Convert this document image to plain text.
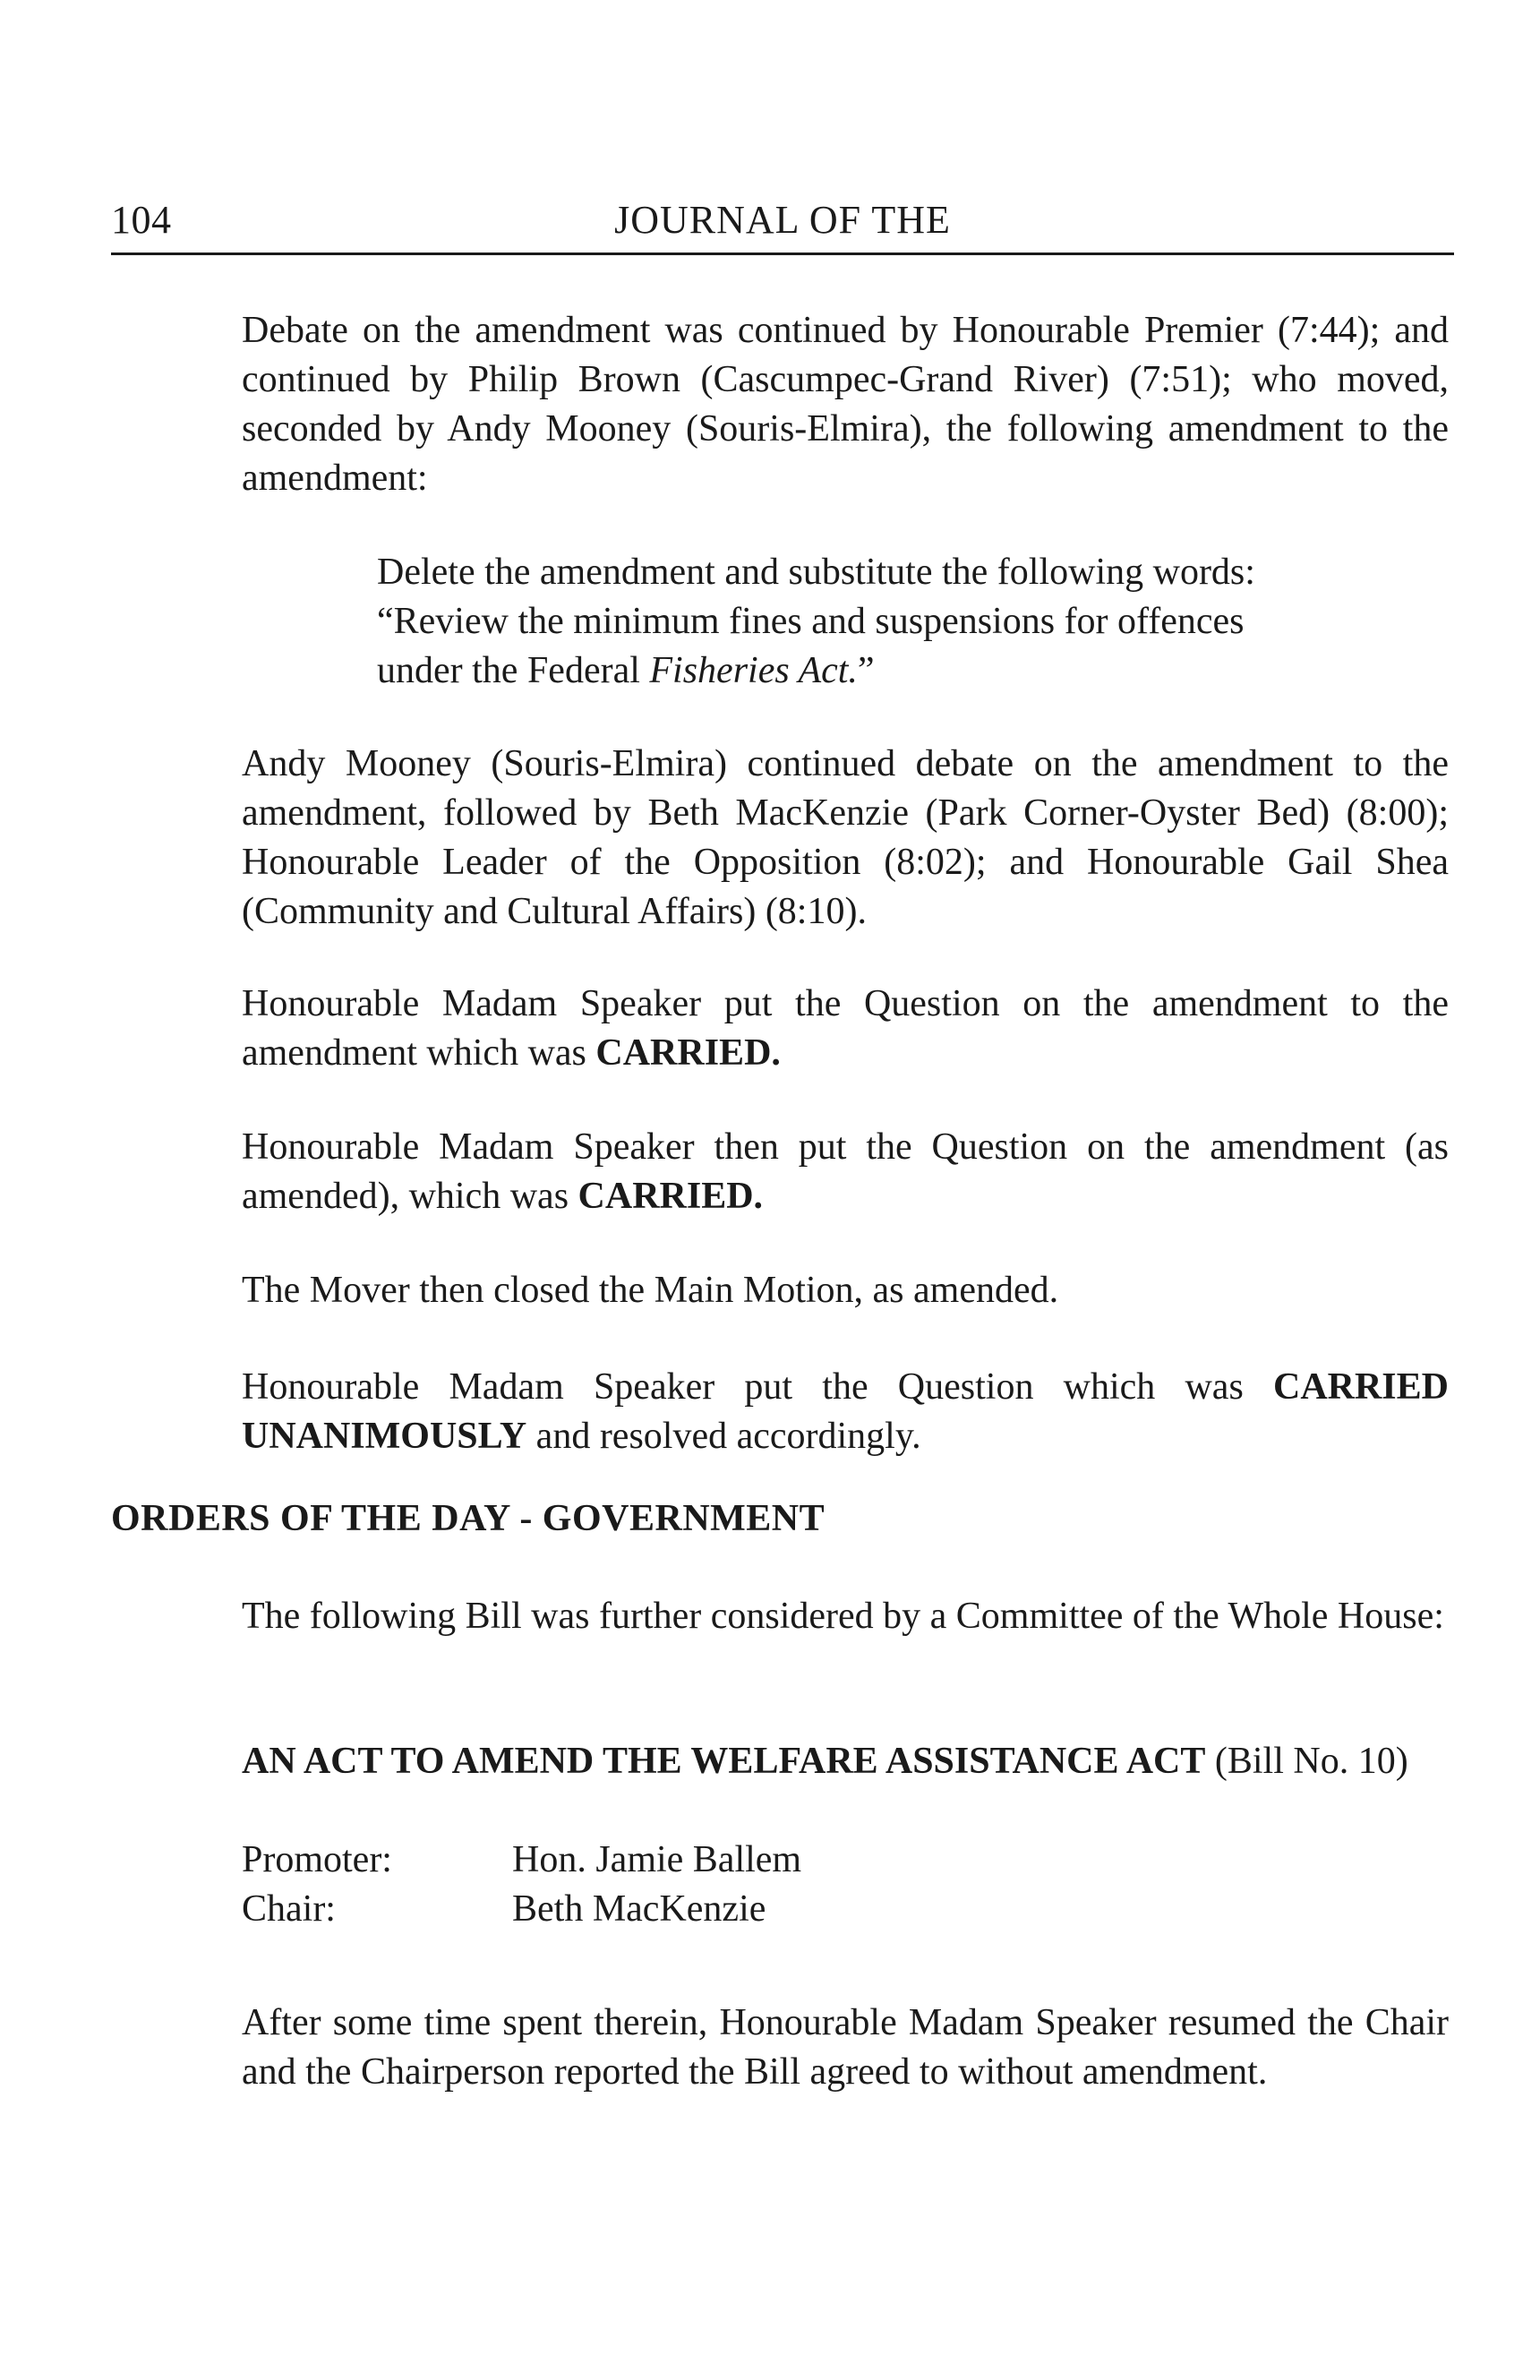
104	JOURNAL OF THE

Debate on the amendment was continued by Honourable Premier (7:44); and continued by Philip Brown (Cascumpec-Grand River) (7:51); who moved, seconded by Andy Mooney (Souris-Elmira), the following amendment to the amendment:

Delete the amendment and substitute the following words:
“Review the minimum fines and suspensions for offences
under the Federal Fisheries Act.”

Andy Mooney (Souris-Elmira) continued debate on the amendment to the amendment, followed by Beth MacKenzie (Park Corner-Oyster Bed) (8:00); Honourable Leader of the Opposition (8:02); and Honourable Gail Shea (Community and Cultural Affairs) (8:10).

Honourable Madam Speaker put the Question on the amendment to the amendment which was CARRIED.

Honourable Madam Speaker then put the Question on the amendment (as amended), which was CARRIED.

The Mover then closed the Main Motion, as amended.

Honourable Madam Speaker put the Question which was CARRIED UNANIMOUSLY and resolved accordingly.

ORDERS OF THE DAY - GOVERNMENT

The following Bill was further considered by a Committee of the Whole House:

AN ACT TO AMEND THE WELFARE ASSISTANCE ACT (Bill No. 10)

Promoter:	Hon. Jamie Ballem
Chair:	Beth MacKenzie

After some time spent therein, Honourable Madam Speaker resumed the Chair and the Chairperson reported the Bill agreed to without amendment.
